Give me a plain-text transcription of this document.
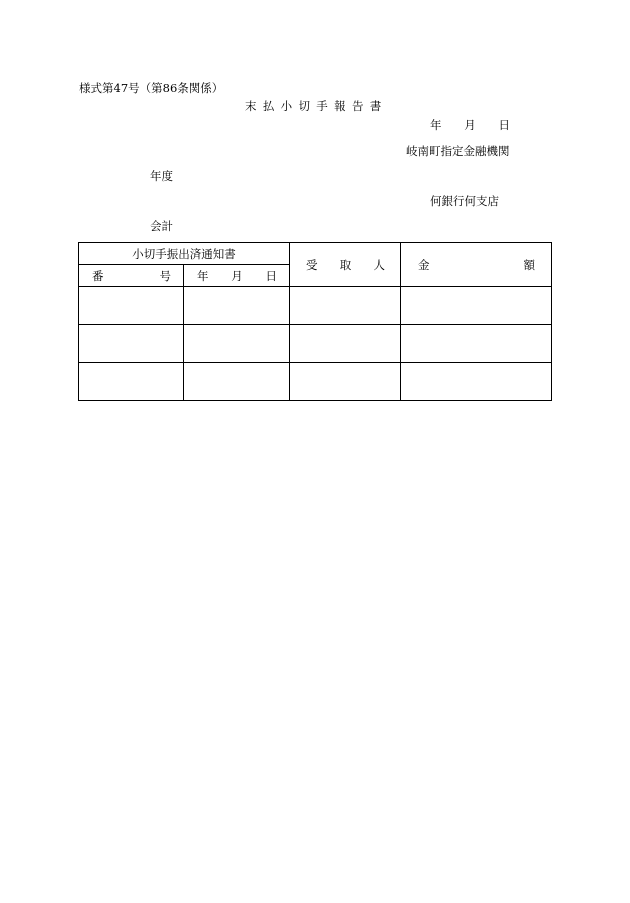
様式第47号（第86条関係）
末払小切手報告書
年 月 日
岐南町指定金融機関
年度
何銀行何支店
会計
小切手振出済通知書		受 取 人	金 額

番 号	年 月 日		
